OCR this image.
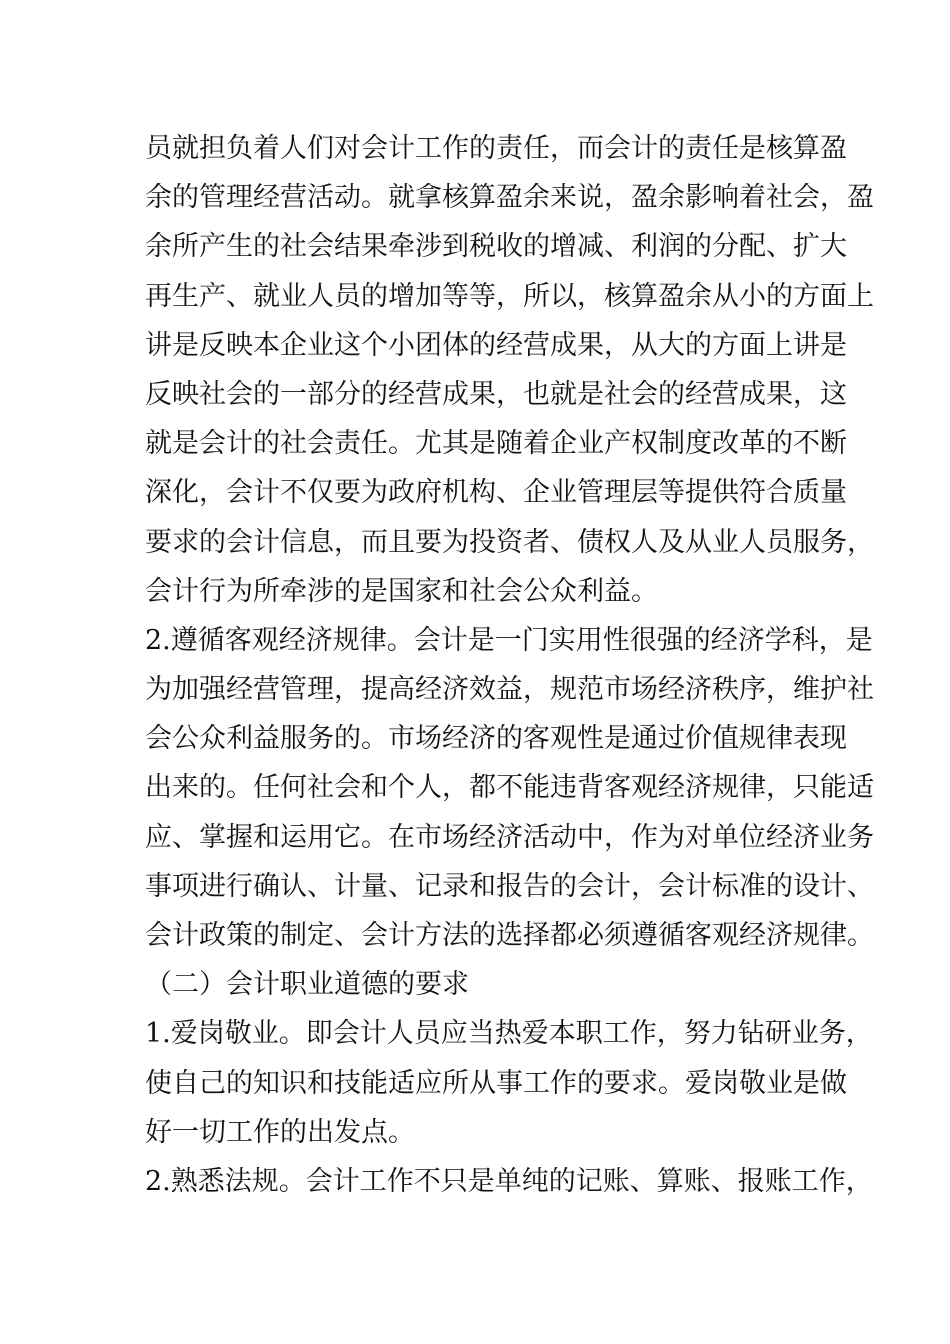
员就担负着人们对会计工作的责任，而会计的责任是核算盈
余的管理经营活动。就拿核算盈余来说，盈余影响着社会，盈
余所产生的社会结果牵涉到税收的增减、利润的分配、扩大
再生产、就业人员的增加等等，所以，核算盈余从小的方面上
讲是反映本企业这个小团体的经营成果，从大的方面上讲是
反映社会的一部分的经营成果，也就是社会的经营成果，这
就是会计的社会责任。尤其是随着企业产权制度改革的不断
深化，会计不仅要为政府机构、企业管理层等提供符合质量
要求的会计信息，而且要为投资者、债权人及从业人员服务，
会计行为所牵涉的是国家和社会公众利益。
2.遵循客观经济规律。会计是一门实用性很强的经济学科，是
为加强经营管理，提高经济效益，规范市场经济秩序，维护社
会公众利益服务的。市场经济的客观性是通过价值规律表现
出来的。任何社会和个人，都不能违背客观经济规律，只能适
应、掌握和运用它。在市场经济活动中，作为对单位经济业务
事项进行确认、计量、记录和报告的会计，会计标准的设计、
会计政策的制定、会计方法的选择都必须遵循客观经济规律。
（二）会计职业道德的要求
1.爱岗敬业。即会计人员应当热爱本职工作，努力钻研业务，
使自己的知识和技能适应所从事工作的要求。爱岗敬业是做
好一切工作的出发点。
2.熟悉法规。会计工作不只是单纯的记账、算账、报账工作，
